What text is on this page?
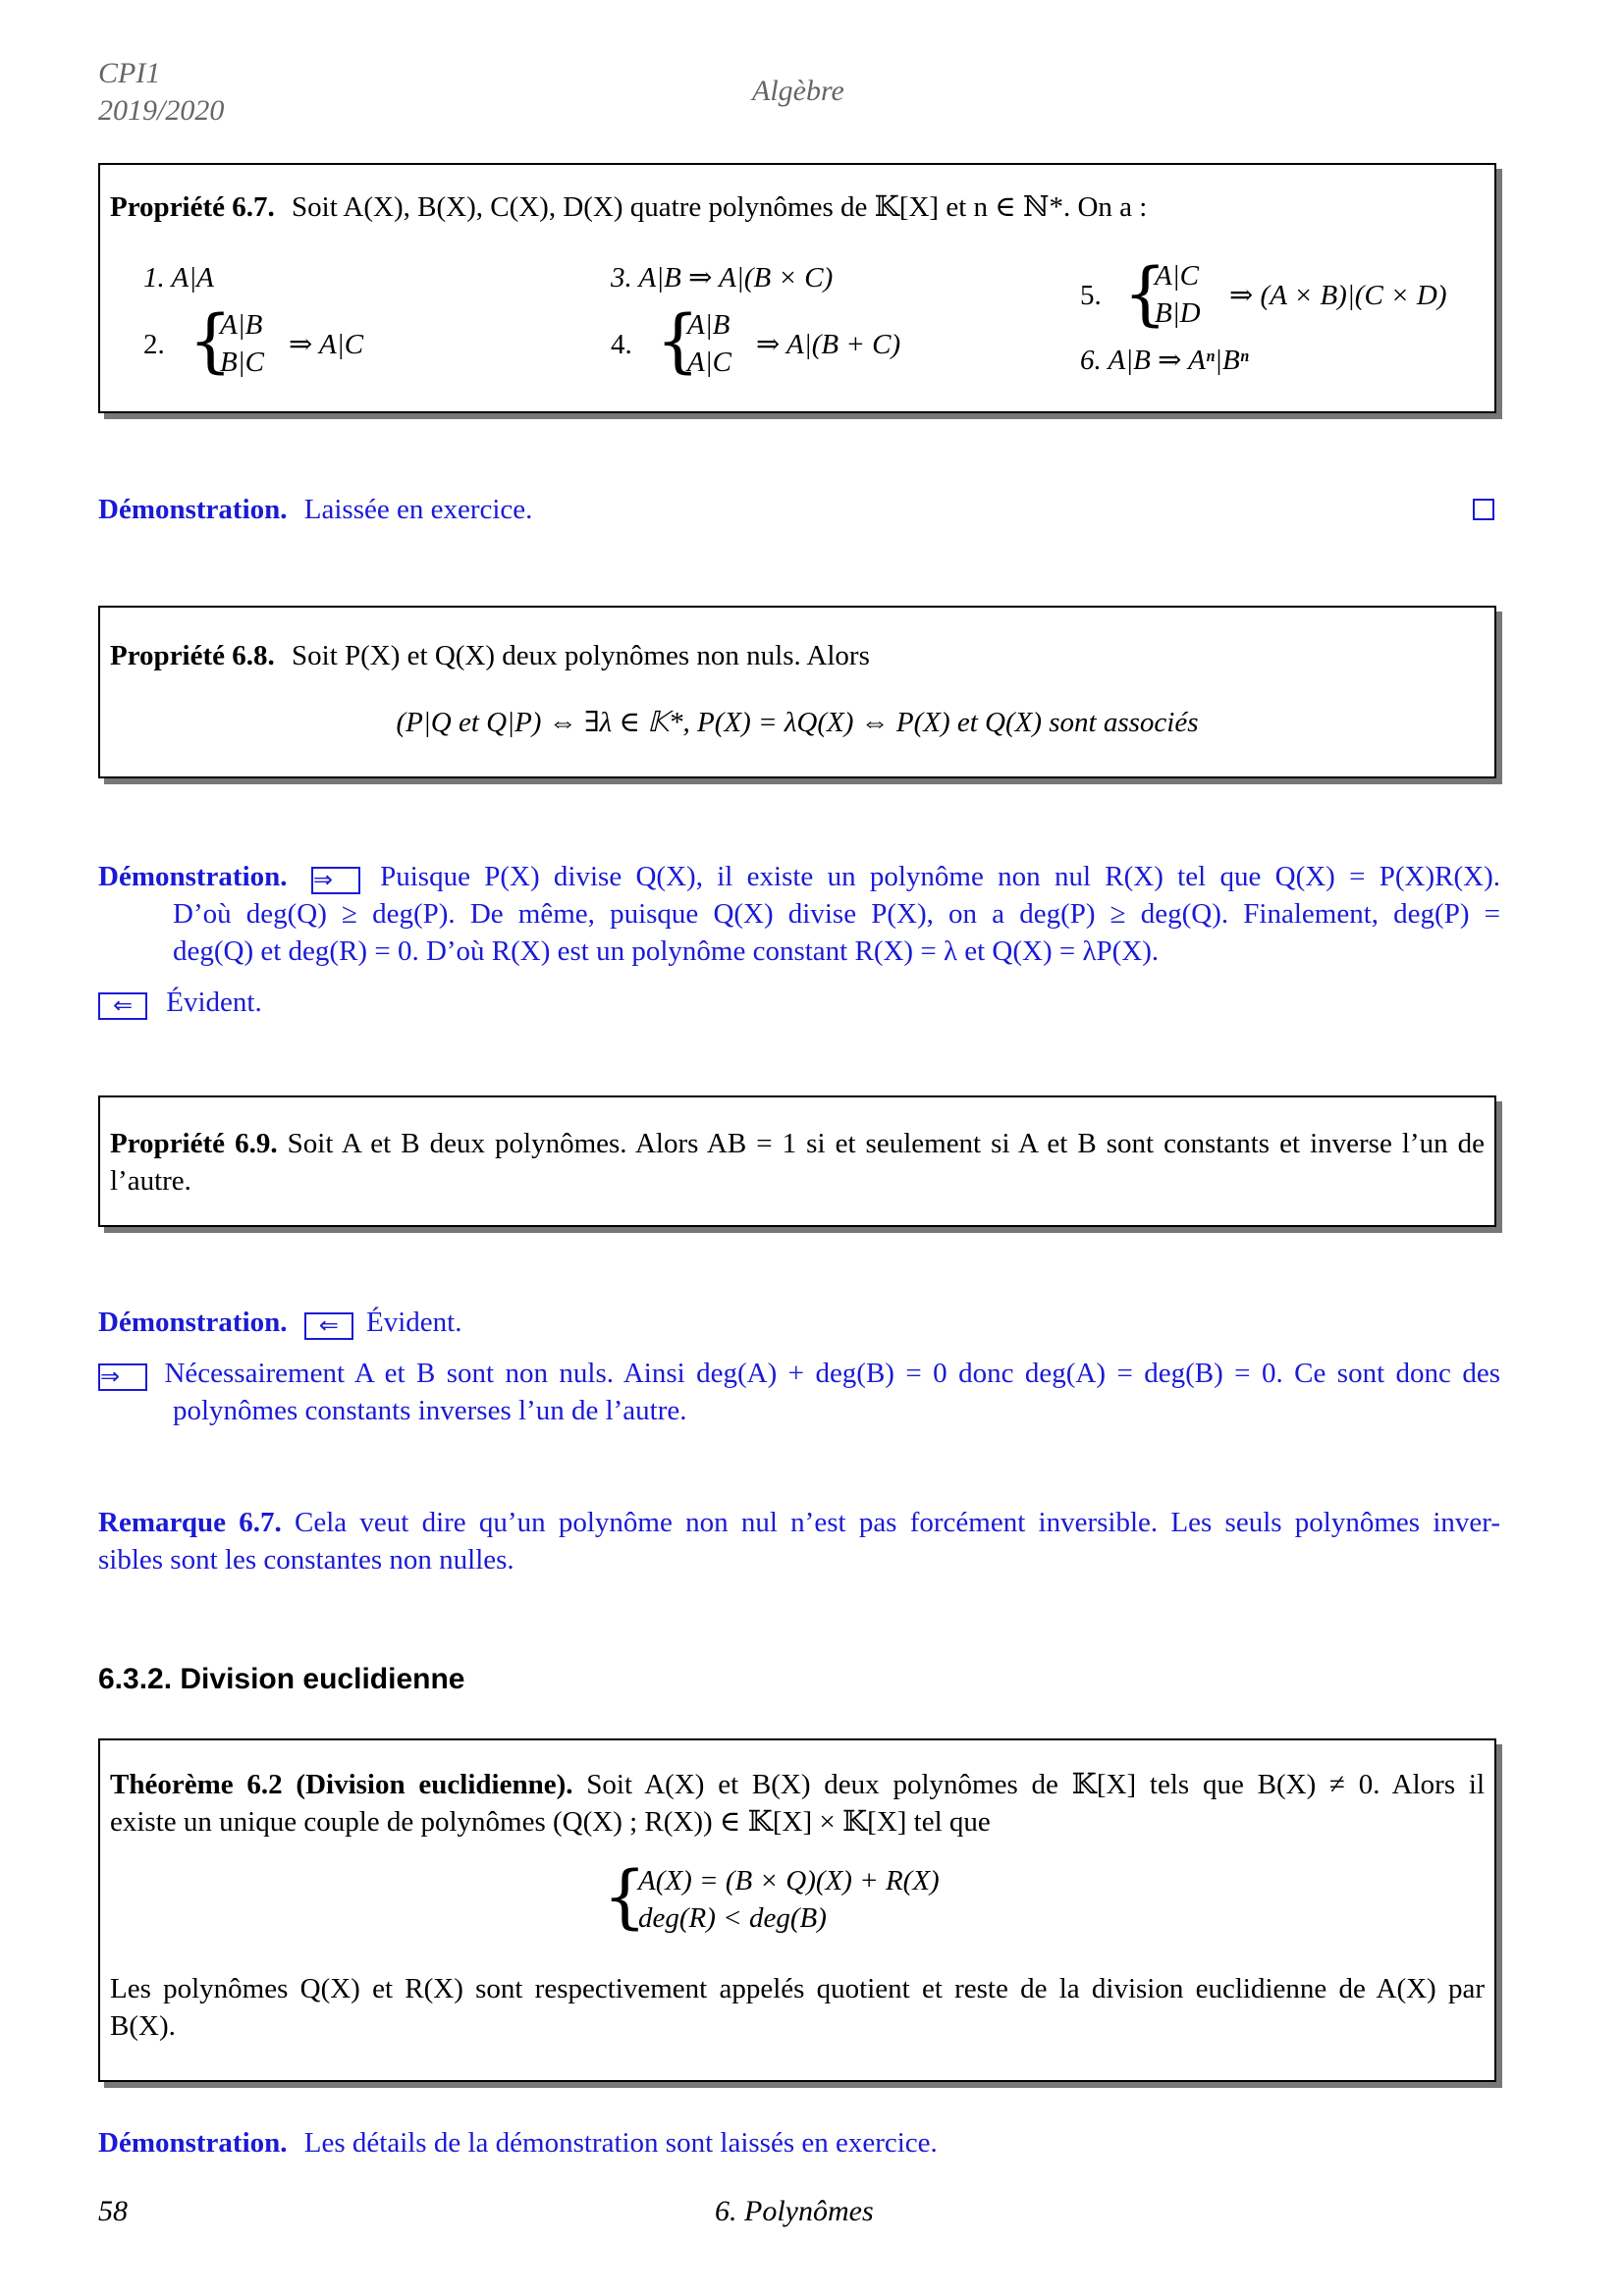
CPI1
2019/2020
Algèbre
Propriété 6.7. Soit A(X), B(X), C(X), D(X) quatre polynômes de 𝕂[X] et n ∈ ℕ*. On a :
1. A|A
2. {
A|B
B|C
⇒ A|C
3. A|B ⇒ A|(B × C)
4. {
A|B
A|C
⇒ A|(B + C)
5. {
A|C
B|D
⇒ (A × B)|(C × D)
6. A|B ⇒ Aⁿ|Bⁿ
Démonstration. Laissée en exercice.
Propriété 6.8. Soit P(X) et Q(X) deux polynômes non nuls. Alors
(P|Q et Q|P) ⇔ ∃λ ∈ 𝕂*, P(X) = λQ(X) ⇔ P(X) et Q(X) sont associés
Démonstration. ⇒ Puisque P(X) divise Q(X), il existe un polynôme non nul R(X) tel que Q(X) = P(X)R(X).
D’où deg(Q) ≥ deg(P). De même, puisque Q(X) divise P(X), on a deg(P) ≥ deg(Q). Finalement, deg(P) =
deg(Q) et deg(R) = 0. D’où R(X) est un polynôme constant R(X) = λ et Q(X) = λP(X).
⇐ Évident.
Propriété 6.9. Soit A et B deux polynômes. Alors AB = 1 si et seulement si A et B sont constants et inverse l’un de
l’autre.
Démonstration. ⇐ Évident.
⇒ Nécessairement A et B sont non nuls. Ainsi deg(A) + deg(B) = 0 donc deg(A) = deg(B) = 0. Ce sont donc des
polynômes constants inverses l’un de l’autre.
Remarque 6.7. Cela veut dire qu’un polynôme non nul n’est pas forcément inversible. Les seuls polynômes inver-
sibles sont les constantes non nulles.
6.3.2. Division euclidienne
Théorème 6.2 (Division euclidienne). Soit A(X) et B(X) deux polynômes de 𝕂[X] tels que B(X) ≠ 0. Alors il
existe un unique couple de polynômes (Q(X) ; R(X)) ∈ 𝕂[X] × 𝕂[X] tel que
{
A(X) = (B × Q)(X) + R(X)
deg(R) < deg(B)
Les polynômes Q(X) et R(X) sont respectivement appelés quotient et reste de la division euclidienne de A(X) par
B(X).
Démonstration. Les détails de la démonstration sont laissés en exercice.
58	6. Polynômes
